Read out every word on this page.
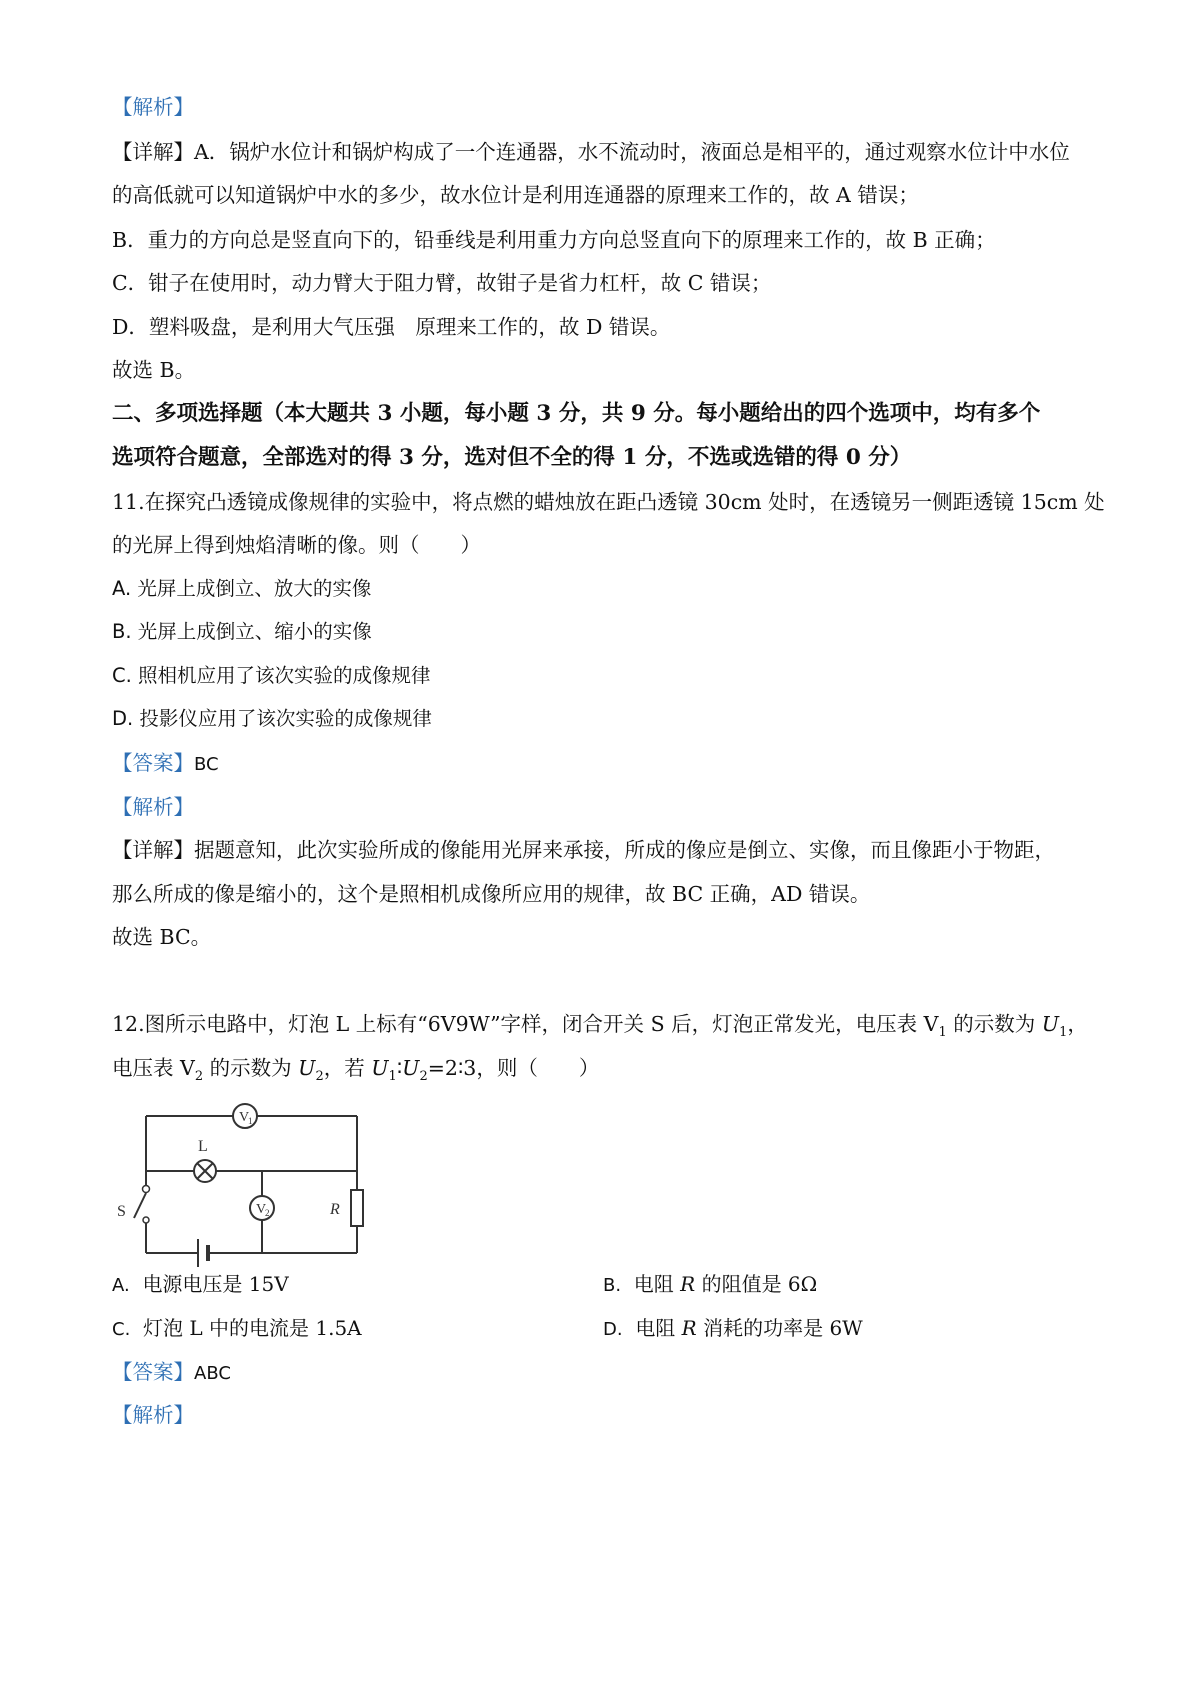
【解析】
【详解】A．锅炉水位计和锅炉构成了一个连通器，水不流动时，液面总是相平的，通过观察水位计中水位
的高低就可以知道锅炉中水的多少，故水位计是利用连通器的原理来工作的，故 A 错误；
B．重力的方向总是竖直向下的，铅垂线是利用重力方向总竖直向下的原理来工作的，故 B 正确；
C．钳子在使用时，动力臂大于阻力臂，故钳子是省力杠杆，故 C 错误；
D．塑料吸盘，是利用大气压强　原理来工作的，故 D 错误。
故选 B。
二、多项选择题（本大题共 3 小题，每小题 3 分，共 9 分。每小题给出的四个选项中，均有多个
选项符合题意，全部选对的得 3 分，选对但不全的得 1 分，不选或选错的得 0 分）
11.在探究凸透镜成像规律的实验中，将点燃的蜡烛放在距凸透镜 30cm 处时，在透镜另一侧距透镜 15cm 处
的光屏上得到烛焰清晰的像。则（　　）
A. 光屏上成倒立、放大的实像
B. 光屏上成倒立、缩小的实像
C. 照相机应用了该次实验的成像规律
D. 投影仪应用了该次实验的成像规律
【答案】BC
【解析】
【详解】据题意知，此次实验所成的像能用光屏来承接，所成的像应是倒立、实像，而且像距小于物距，
那么所成的像是缩小的，这个是照相机成像所应用的规律，故 BC 正确，AD 错误。
故选 BC。
12.图所示电路中，灯泡 L 上标有“6V9W”字样，闭合开关 S 后，灯泡正常发光，电压表 $V_1$ 的示数为 $U_1$，
电压表 $V_2$ 的示数为 $U_2$，若 $U_1∶U_2=2∶3$，则（　　）
V
1
L
V
2	R
S
A. 电源电压是 15V	B. 电阻 R 的阻值是 6Ω
C. 灯泡 L 中的电流是 1.5A	D. 电阻 R 消耗的功率是 6W
【答案】ABC
【解析】
